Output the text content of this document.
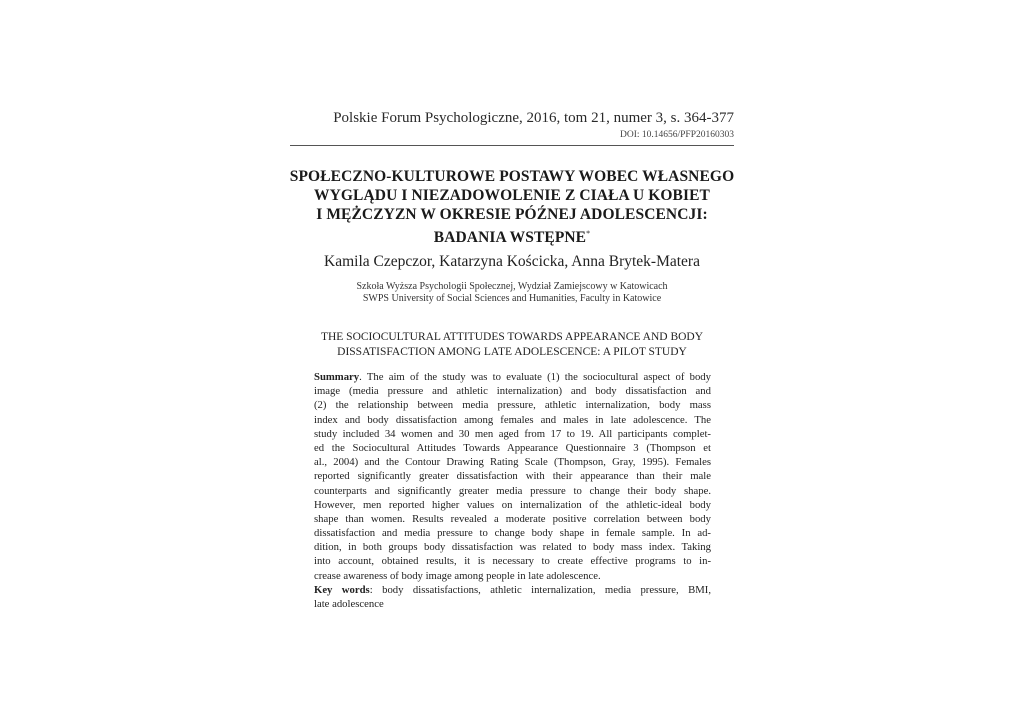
Polskie Forum Psychologiczne, 2016, tom 21, numer 3, s. 364-377
DOI: 10.14656/PFP20160303
SPOŁECZNO-KULTUROWE POSTAWY WOBEC WŁASNEGO
WYGLĄDU I NIEZADOWOLENIE Z CIAŁA U KOBIET
I MĘŻCZYZN W OKRESIE PÓŹNEJ ADOLESCENCJI:
BADANIA WSTĘPNE*
Kamila Czepczor, Katarzyna Kościcka, Anna Brytek-Matera
Szkoła Wyższa Psychologii Społecznej, Wydział Zamiejscowy w Katowicach
SWPS University of Social Sciences and Humanities, Faculty in Katowice
THE SOCIOCULTURAL ATTITUDES TOWARDS APPEARANCE AND BODY
DISSATISFACTION AMONG LATE ADOLESCENCE: A PILOT STUDY
Summary. The aim of the study was to evaluate (1) the sociocultural aspect of body
image (media pressure and athletic internalization) and body dissatisfaction and
(2) the relationship between media pressure, athletic internalization, body mass
index and body dissatisfaction among females and males in late adolescence. The
study included 34 women and 30 men aged from 17 to 19. All participants complet-
ed the Sociocultural Attitudes Towards Appearance Questionnaire 3 (Thompson et
al., 2004) and the Contour Drawing Rating Scale (Thompson, Gray, 1995). Females
reported significantly greater dissatisfaction with their appearance than their male
counterparts and significantly greater media pressure to change their body shape.
However, men reported higher values on internalization of the athletic-ideal body
shape than women. Results revealed a moderate positive correlation between body
dissatisfaction and media pressure to change body shape in female sample. In ad-
dition, in both groups body dissatisfaction was related to body mass index. Taking
into account, obtained results, it is necessary to create effective programs to in-
crease awareness of body image among people in late adolescence.
Key words: body dissatisfactions, athletic internalization, media pressure, BMI,
late adolescence
